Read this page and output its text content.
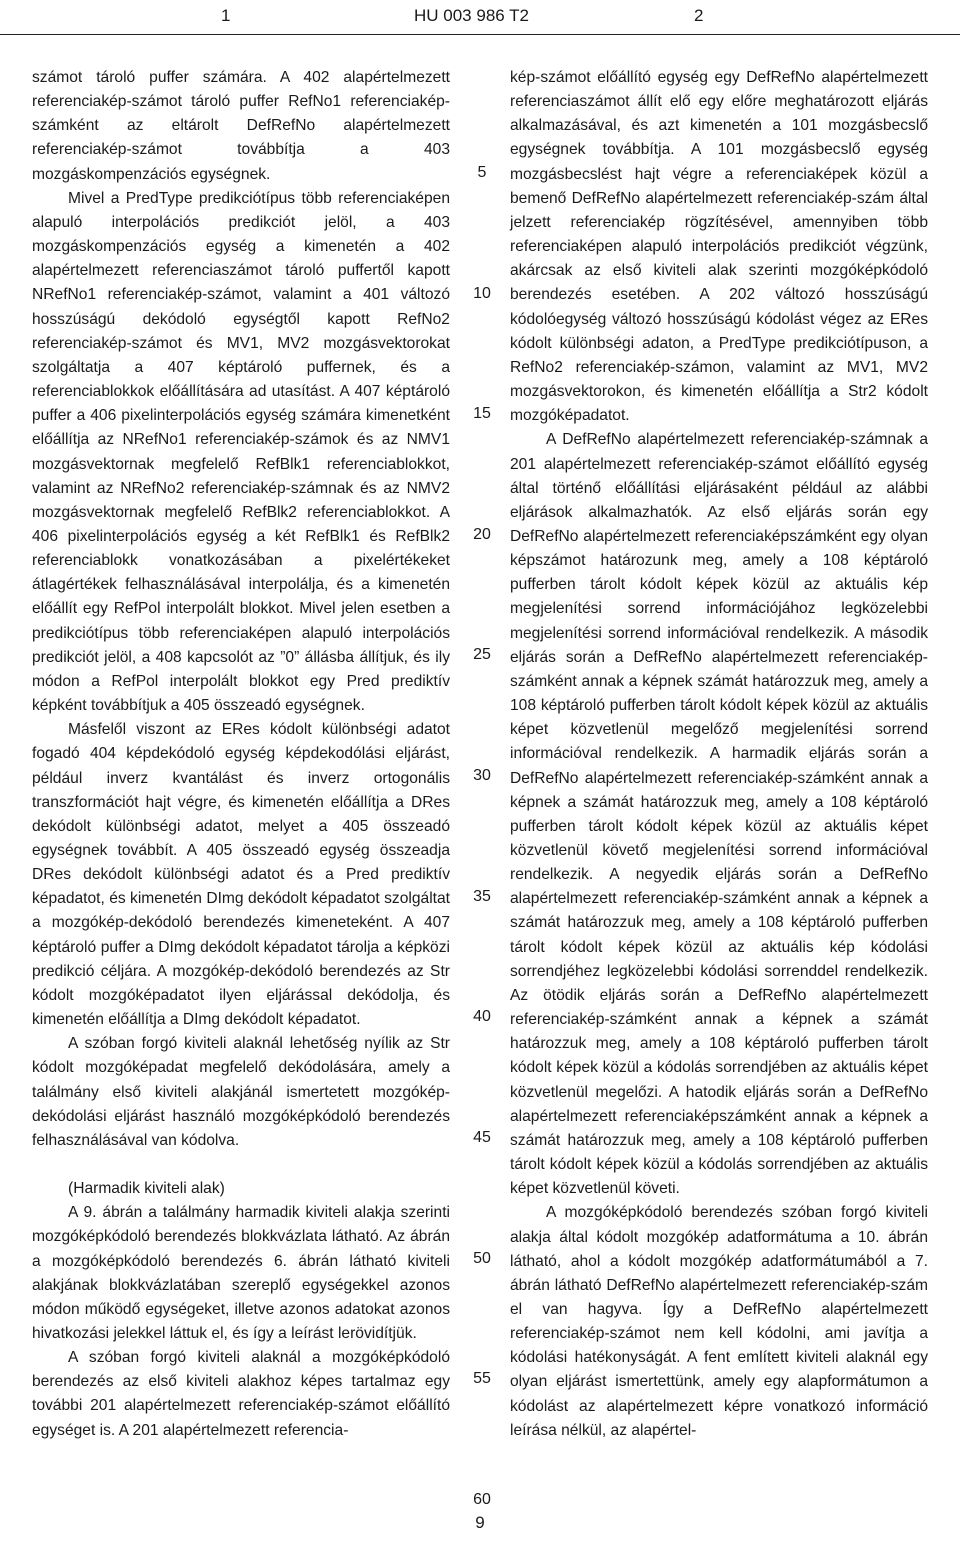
1	HU 003 986 T2	2

számot tároló puffer számára. A 402 alapértelmezett referenciakép-számot tároló puffer RefNo1 referenciakép-számként az eltárolt DefRefNo alapértelmezett referenciakép-számot továbbítja a 403 mozgáskompenzációs egységnek.

Mivel a PredType predikciótípus több referenciaképen alapuló interpolációs predikciót jelöl, a 403 mozgáskompenzációs egység a kimenetén a 402 alapértelmezett referenciaszámot tároló puffertől kapott NRefNo1 referenciakép-számot, valamint a 401 változó hosszúságú dekódoló egységtől kapott RefNo2 referenciakép-számot és MV1, MV2 mozgásvektorokat szolgáltatja a 407 képtároló puffernek, és a referenciablokkok előállítására ad utasítást. A 407 képtároló puffer a 406 pixelinterpolációs egység számára kimenetként előállítja az NRefNo1 referenciakép-számok és az NMV1 mozgásvektornak megfelelő RefBlk1 referenciablokkot, valamint az NRefNo2 referenciakép-számnak és az NMV2 mozgásvektornak megfelelő RefBlk2 referenciablokkot. A 406 pixelinterpolációs egység a két RefBlk1 és RefBlk2 referenciablokk vonatkozásában a pixelértékeket átlagértékek felhasználásával interpolálja, és a kimenetén előállít egy RefPol interpolált blokkot. Mivel jelen esetben a predikciótípus több referenciaképen alapuló interpolációs predikciót jelöl, a 408 kapcsolót az ”0” állásba állítjuk, és ily módon a RefPol interpolált blokkot egy Pred prediktív képként továbbítjuk a 405 összeadó egységnek.

Másfelől viszont az ERes kódolt különbségi adatot fogadó 404 képdekódoló egység képdekodólási eljárást, például inverz kvantálást és inverz ortogonális transzformációt hajt végre, és kimenetén előállítja a DRes dekódolt különbségi adatot, melyet a 405 összeadó egységnek továbbít. A 405 összeadó egység összeadja DRes dekódolt különbségi adatot és a Pred prediktív képadatot, és kimenetén DImg dekódolt képadatot szolgáltat a mozgókép-dekódoló berendezés kimeneteként. A 407 képtároló puffer a DImg dekódolt képadatot tárolja a képközi predikció céljára. A mozgókép-dekódoló berendezés az Str kódolt mozgóképadatot ilyen eljárással dekódolja, és kimenetén előállítja a DImg dekódolt képadatot.

A szóban forgó kiviteli alaknál lehetőség nyílik az Str kódolt mozgóképadat megfelelő dekódolására, amely a találmány első kiviteli alakjánál ismertetett mozgókép-dekódolási eljárást használó mozgóképkódoló berendezés felhasználásával van kódolva.

(Harmadik kiviteli alak)

A 9. ábrán a találmány harmadik kiviteli alakja szerinti mozgóképkódoló berendezés blokkvázlata látható. Az ábrán a mozgóképkódoló berendezés 6. ábrán látható kiviteli alakjának blokkvázlatában szereplő egységekkel azonos módon működő egységeket, illetve azonos adatokat azonos hivatkozási jelekkel láttuk el, és így a leírást lerövidítjük.

A szóban forgó kiviteli alaknál a mozgóképkódoló berendezés az első kiviteli alakhoz képes tartalmaz egy további 201 alapértelmezett referenciakép-számot előállító egységet is. A 201 alapértelmezett referencia-

5
10
15
20
25
30
35
40
45
50
55
60

kép-számot előállító egység egy DefRefNo alapértelmezett referenciaszámot állít elő egy előre meghatározott eljárás alkalmazásával, és azt kimenetén a 101 mozgásbecslő egységnek továbbítja. A 101 mozgásbecslő egység mozgásbecslést hajt végre a referenciaképek közül a bemenő DefRefNo alapértelmezett referenciakép-szám által jelzett referenciakép rögzítésével, amennyiben több referenciaképen alapuló interpolációs predikciót végzünk, akárcsak az első kiviteli alak szerinti mozgóképkódoló berendezés esetében. A 202 változó hosszúságú kódolóegység változó hosszúságú kódolást végez az ERes kódolt különbségi adaton, a PredType predikciótípuson, a RefNo2 referenciakép-számon, valamint az MV1, MV2 mozgásvektorokon, és kimenetén előállítja a Str2 kódolt mozgóképadatot.

A DefRefNo alapértelmezett referenciakép-számnak a 201 alapértelmezett referenciakép-számot előállító egység által történő előállítási eljárásaként például az alábbi eljárások alkalmazhatók. Az első eljárás során egy DefRefNo alapértelmezett referenciaképszámként egy olyan képszámot határozunk meg, amely a 108 képtároló pufferben tárolt kódolt képek közül az aktuális kép megjelenítési sorrend információjához legközelebbi megjelenítési sorrend információval rendelkezik. A második eljárás során a DefRefNo alapértelmezett referenciakép-számként annak a képnek számát határozzuk meg, amely a 108 képtároló pufferben tárolt kódolt képek közül az aktuális képet közvetlenül megelőző megjelenítési sorrend információval rendelkezik. A harmadik eljárás során a DefRefNo alapértelmezett referenciakép-számként annak a képnek a számát határozzuk meg, amely a 108 képtároló pufferben tárolt kódolt képek közül az aktuális képet közvetlenül követő megjelenítési sorrend információval rendelkezik. A negyedik eljárás során a DefRefNo alapértelmezett referenciakép-számként annak a képnek a számát határozzuk meg, amely a 108 képtároló pufferben tárolt kódolt képek közül az aktuális kép kódolási sorrendjéhez legközelebbi kódolási sorrenddel rendelkezik. Az ötödik eljárás során a DefRefNo alapértelmezett referenciakép-számként annak a képnek a számát határozzuk meg, amely a 108 képtároló pufferben tárolt kódolt képek közül a kódolás sorrendjében az aktuális képet közvetlenül megelőzi. A hatodik eljárás során a DefRefNo alapértelmezett referenciaképszámként annak a képnek a számát határozzuk meg, amely a 108 képtároló pufferben tárolt kódolt képek közül a kódolás sorrendjében az aktuális képet közvetlenül követi.

A mozgóképkódoló berendezés szóban forgó kiviteli alakja által kódolt mozgókép adatformátuma a 10. ábrán látható, ahol a kódolt mozgókép adatformátumából a 7. ábrán látható DefRefNo alapértelmezett referenciakép-szám el van hagyva. Így a DefRefNo alapértelmezett referenciakép-számot nem kell kódolni, ami javítja a kódolási hatékonyságát. A fent említett kiviteli alaknál egy olyan eljárást ismertettünk, amely egy alapformátumon a kódolást az alapértelmezett képre vonatkozó információ leírása nélkül, az alapértel-

9
